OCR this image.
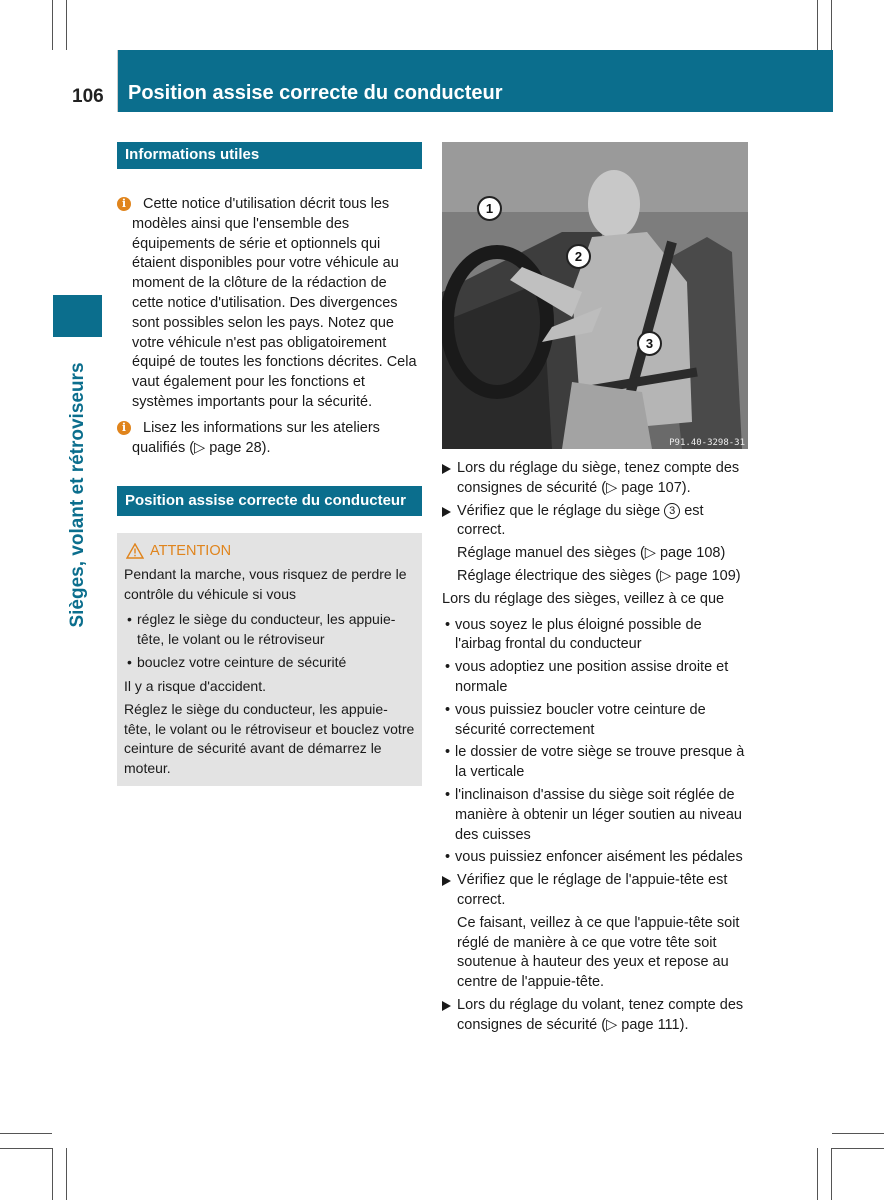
106 Position assise correcte du conducteur
Sièges, volant et rétroviseurs
Informations utiles
i	Cette notice d'utilisation décrit tous les modèles ainsi que l'ensemble des équipements de série et optionnels qui étaient disponibles pour votre véhicule au moment de la clôture de la rédaction de cette notice d'utilisation. Des divergences sont possibles selon les pays. Notez que votre véhicule n'est pas obligatoirement équipé de toutes les fonctions décrites. Cela vaut également pour les fonctions et systèmes importants pour la sécurité.

i	Lisez les informations sur les ateliers qualifiés (▷ page 28).

Position assise correcte du conducteur
ATTENTION

Pendant la marche, vous risquez de perdre le contrôle du véhicule si vous

• réglez le siège du conducteur, les appuie-tête, le volant ou le rétroviseur

• bouclez votre ceinture de sécurité

Il y a risque d'accident.

Réglez le siège du conducteur, les appuie-tête, le volant ou le rétroviseur et bouclez votre ceinture de sécurité avant de démarrez le moteur.

1
2
3
P91.40-3298-31

Lors du réglage du siège, tenez compte des consignes de sécurité (▷ page 107).

Vérifiez que le réglage du siège 3 est correct.

Réglage manuel des sièges (▷ page 108)

Réglage électrique des sièges (▷ page 109)

Lors du réglage des sièges, veillez à ce que

• vous soyez le plus éloigné possible de l'airbag frontal du conducteur

• vous adoptiez une position assise droite et normale

• vous puissiez boucler votre ceinture de sécurité correctement

• le dossier de votre siège se trouve presque à la verticale

• l'inclinaison d'assise du siège soit réglée de manière à obtenir un léger soutien au niveau des cuisses

• vous puissiez enfoncer aisément les pédales

Vérifiez que le réglage de l'appuie-tête est correct.

Ce faisant, veillez à ce que l'appuie-tête soit réglé de manière à ce que votre tête soit soutenue à hauteur des yeux et repose au centre de l'appuie-tête.

Lors du réglage du volant, tenez compte des consignes de sécurité (▷ page 111).
